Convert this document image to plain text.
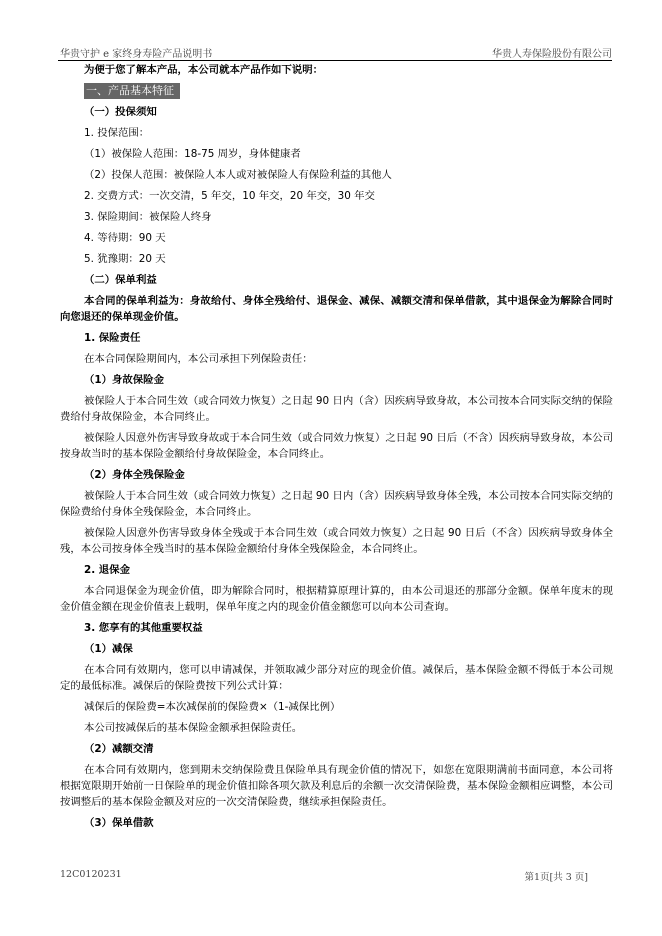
华贵守护 e 家终身寿险产品说明书	华贵人寿保险股份有限公司
为便于您了解本产品，本公司就本产品作如下说明：
一、产品基本特征
（一）投保须知
1. 投保范围：
（1）被保险人范围：18-75 周岁，身体健康者
（2）投保人范围：被保险人本人或对被保险人有保险利益的其他人
2. 交费方式：一次交清，5 年交，10 年交，20 年交，30 年交
3. 保险期间：被保险人终身
4. 等待期：90 天
5. 犹豫期：20 天
（二）保单利益
本合同的保单利益为：身故给付、身体全残给付、退保金、减保、减额交清和保单借款，其中退保金为解除合同时向您退还的保单现金价值。
1. 保险责任
在本合同保险期间内，本公司承担下列保险责任：
（1）身故保险金
被保险人于本合同生效（或合同效力恢复）之日起 90 日内（含）因疾病导致身故，本公司按本合同实际交纳的保险费给付身故保险金，本合同终止。
被保险人因意外伤害导致身故或于本合同生效（或合同效力恢复）之日起 90 日后（不含）因疾病导致身故，本公司按身故当时的基本保险金额给付身故保险金，本合同终止。
（2）身体全残保险金
被保险人于本合同生效（或合同效力恢复）之日起 90 日内（含）因疾病导致身体全残，本公司按本合同实际交纳的保险费给付身体全残保险金，本合同终止。
被保险人因意外伤害导致身体全残或于本合同生效（或合同效力恢复）之日起 90 日后（不含）因疾病导致身体全残，本公司按身体全残当时的基本保险金额给付身体全残保险金，本合同终止。
2. 退保金
本合同退保金为现金价值，即为解除合同时，根据精算原理计算的，由本公司退还的那部分金额。保单年度末的现金价值金额在现金价值表上载明，保单年度之内的现金价值金额您可以向本公司查询。
3. 您享有的其他重要权益
（1）减保
在本合同有效期内，您可以申请减保，并领取减少部分对应的现金价值。减保后，基本保险金额不得低于本公司规定的最低标准。减保后的保险费按下列公式计算：
减保后的保险费=本次减保前的保险费×（1-减保比例）
本公司按减保后的基本保险金额承担保险责任。
（2）减额交清
在本合同有效期内，您到期未交纳保险费且保险单具有现金价值的情况下，如您在宽限期满前书面同意，本公司将根据宽限期开始前一日保险单的现金价值扣除各项欠款及利息后的余额一次交清保险费，基本保险金额相应调整，本公司按调整后的基本保险金额及对应的一次交清保险费，继续承担保险责任。
（3）保单借款
12C0120231	第1页[共 3 页]
